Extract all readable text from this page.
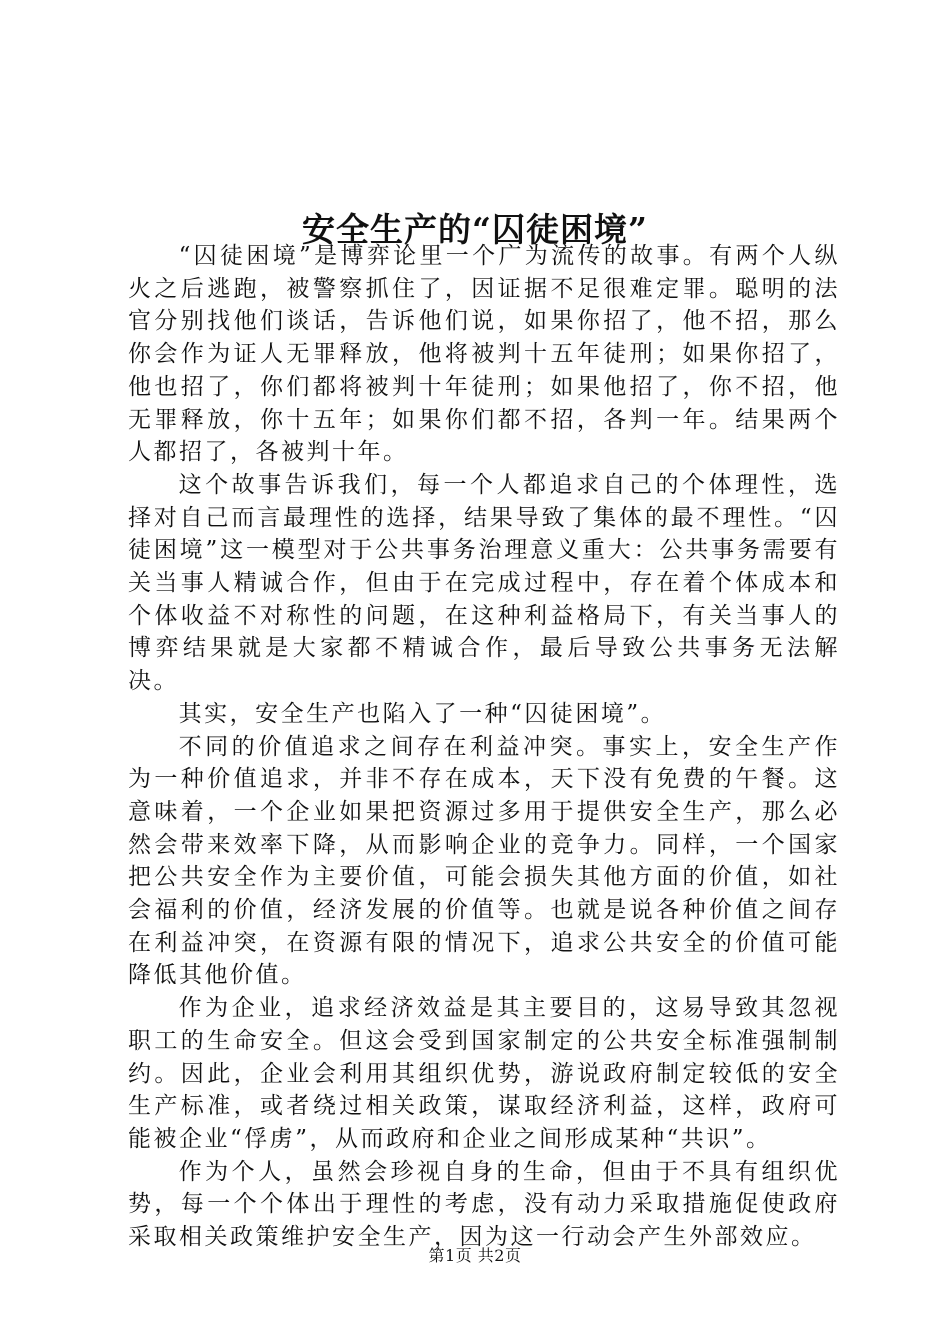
安全生产的“囚徒困境”

“囚徒困境”是博弈论里一个广为流传的故事。有两个人纵火之后逃跑，被警察抓住了，因证据不足很难定罪。聪明的法官分别找他们谈话，告诉他们说，如果你招了，他不招，那么你会作为证人无罪释放，他将被判十五年徒刑；如果你招了，他也招了，你们都将被判十年徒刑；如果他招了，你不招，他无罪释放，你十五年；如果你们都不招，各判一年。结果两个人都招了，各被判十年。

这个故事告诉我们，每一个人都追求自己的个体理性，选择对自己而言最理性的选择，结果导致了集体的最不理性。“囚徒困境”这一模型对于公共事务治理意义重大：公共事务需要有关当事人精诚合作，但由于在完成过程中，存在着个体成本和个体收益不对称性的问题，在这种利益格局下，有关当事人的博弈结果就是大家都不精诚合作，最后导致公共事务无法解决。

其实，安全生产也陷入了一种“囚徒困境”。

不同的价值追求之间存在利益冲突。事实上，安全生产作为一种价值追求，并非不存在成本，天下没有免费的午餐。这意味着，一个企业如果把资源过多用于提供安全生产，那么必然会带来效率下降，从而影响企业的竞争力。同样，一个国家把公共安全作为主要价值，可能会损失其他方面的价值，如社会福利的价值，经济发展的价值等。也就是说各种价值之间存在利益冲突，在资源有限的情况下，追求公共安全的价值可能降低其他价值。

作为企业，追求经济效益是其主要目的，这易导致其忽视职工的生命安全。但这会受到国家制定的公共安全标准强制制约。因此，企业会利用其组织优势，游说政府制定较低的安全生产标准，或者绕过相关政策，谋取经济利益，这样，政府可能被企业“俘虏”，从而政府和企业之间形成某种“共识”。

作为个人，虽然会珍视自身的生命，但由于不具有组织优势，每一个个体出于理性的考虑，没有动力采取措施促使政府采取相关政策维护安全生产，因为这一行动会产生外部效应。

第1页 共2页
